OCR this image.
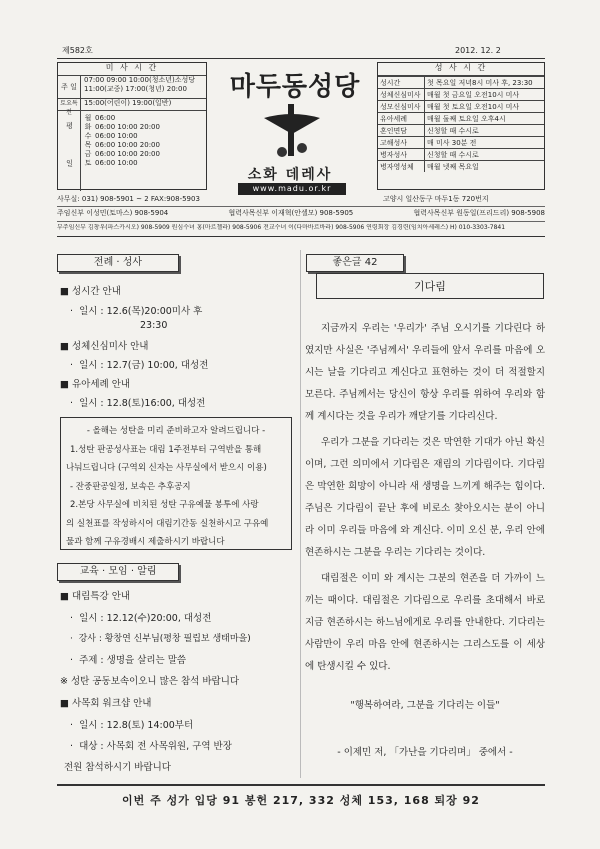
제582호	2012. 12. 2
미 사 시 간
주 일
07:00 09:00 10:00(청소년)소성당
11:00(교중) 17:00(청년) 20:00
토요특전
15:00(어린이) 19:00(일반)
평 일
월 06:00
화 06:00 10:00 20:00
수 06:00 10:00
목 06:00 10:00 20:00
금 06:00 10:00 20:00
토 06:00 10:00
마두동성당
소화 데레사
www.madu.or.kr
성 사 시 간
성시간	첫 목요일 저녁8시 미사 후, 23:30
성체신심미사	매월 첫 금요일 오전10시 미사
성모신심미사	매월 첫 토요일 오전10시 미사
유아세례	매월 둘째 토요일 오후4시
혼인면담	신청할 때 수시로
고해성사	매 미사 30분 전
병자성사	신청할 때 수시로
병자영성체	매월 넷째 목요일
사무실: 031) 908-5901 ~ 2 FAX:908-5903	고양시 일산동구 마두1동 720번지
주임신부 이성민(토마스) 908-5904	협력사목신부 이재혁(안셀모) 908-5905	협력사목신부 원동일(프리드리) 908-5908
부주임신부 김창우(파스카시오) 908-5909 원심수녀 홍(마르첼라) 908-5906 전교수녀 이(다마바르바라) 908-5906 연령회장 김경련(임치아세레스) H) 010-3303-7841
전례 · 성사
■ 성시간 안내
·  일시 : 12.6(목)20:00미사 후
23:30
■ 성체신심미사 안내
·  일시 : 12.7(금) 10:00, 대성전
■ 유아세례 안내
·  일시 : 12.8(토)16:00, 대성전
- 올해는 성탄을 미리 준비하고자 알려드립니다 -
1.성탄 판공성사표는 대림 1주전부터 구역반을 통해
나눠드립니다 (구역외 신자는 사무실에서 받으시 이용)
- 잔중판공일정, 보속은 추후공지
2.본당 사무실에 비치된 성탄 구유예물 봉투에 사랑
의 실천표를 작성하시어 대림기간동 실천하시고 구유예
물과 함께 구유경배시 제출하시기 바랍니다
교육 · 모임 · 알림
■ 대림특강 안내
·  일시 : 12.12(수)20:00, 대성전
·  강사 : 황창연 신부님(평창 필립보 생태마을)
·  주제 : 생명을 살리는 말씀
※ 성탄 공동보속이오니 많은 참석 바랍니다
■ 사목회 워크샵 안내
·  일시 : 12.8(토) 14:00부터
·  대상 : 사목회 전 사목위원, 구역 반장
전원 참석하시기 바랍니다
좋은글 42
기다림

지금까지 우리는 '우리가' 주님 오시기를 기다린다 하였지만 사실은 '주님께서' 우리들에 앞서 우리를 마음에 오시는 날을 기다리고 계신다고 표현하는 것이 더 적절할지 모른다. 주님께서는 당신이 항상 우리를 위하여 우리와 함께 계시다는 것을 우리가 깨닫기를 기다리신다.

우리가 그분을 기다리는 것은 막연한 기대가 아닌 확신이며, 그런 의미에서 기다림은 재림의 기다림이다. 기다림은 막연한 희망이 아니라 새 생명을 느끼게 해주는 힘이다. 주님은 기다림이 끝난 후에 비로소 찾아오시는 분이 아니라 이미 우리들 마음에 와 계신다. 이미 오신 분, 우리 안에 현존하시는 그분을 우리는 기다리는 것이다.

대림절은 이미 와 계시는 그분의 현존을 더 가까이 느끼는 때이다. 대림절은 기다림으로 우리를 초대해서 바로 지금 현존하시는 하느님에게로 우리를 안내한다. 기다리는 사람만이 우리 마음 안에 현존하시는 그리스도를 이 세상에 탄생시킬 수 있다.

"행복하여라, 그분을 기다리는 이들"
- 이제민 저, 「가난을 기다리며」 중에서 -
이번 주 성가 입당 91 봉헌 217, 332 성체 153, 168 퇴장 92
